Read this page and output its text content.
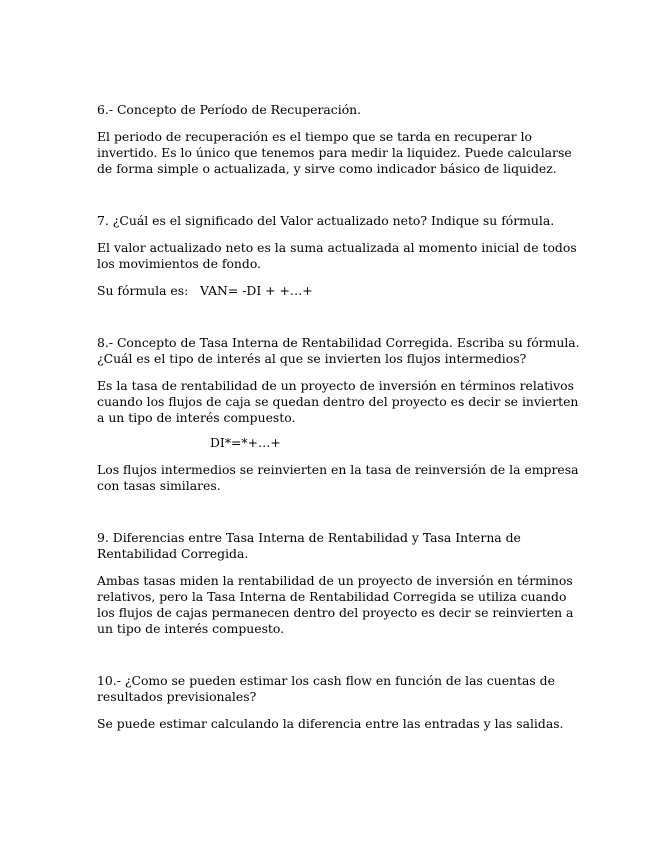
6.- Concepto de Período de Recuperación.

El periodo de recuperación es el tiempo que se tarda en recuperar lo
invertido. Es lo único que tenemos para medir la liquidez. Puede calcularse
de forma simple o actualizada, y sirve como indicador básico de liquidez.

7. ¿Cuál es el significado del Valor actualizado neto? Indique su fórmula.

El valor actualizado neto es la suma actualizada al momento inicial de todos
los movimientos de fondo.

Su fórmula es: VAN= -DI + +…+

8.- Concepto de Tasa Interna de Rentabilidad Corregida. Escriba su fórmula.
¿Cuál es el tipo de interés al que se invierten los flujos intermedios?

Es la tasa de rentabilidad de un proyecto de inversión en términos relativos
cuando los flujos de caja se quedan dentro del proyecto es decir se invierten
a un tipo de interés compuesto.

DI*=*+…+

Los flujos intermedios se reinvierten en la tasa de reinversión de la empresa
con tasas similares.

9. Diferencias entre Tasa Interna de Rentabilidad y Tasa Interna de
Rentabilidad Corregida.

Ambas tasas miden la rentabilidad de un proyecto de inversión en términos
relativos, pero la Tasa Interna de Rentabilidad Corregida se utiliza cuando
los flujos de cajas permanecen dentro del proyecto es decir se reinvierten a
un tipo de interés compuesto.

10.- ¿Como se pueden estimar los cash flow en función de las cuentas de
resultados previsionales?

Se puede estimar calculando la diferencia entre las entradas y las salidas.
